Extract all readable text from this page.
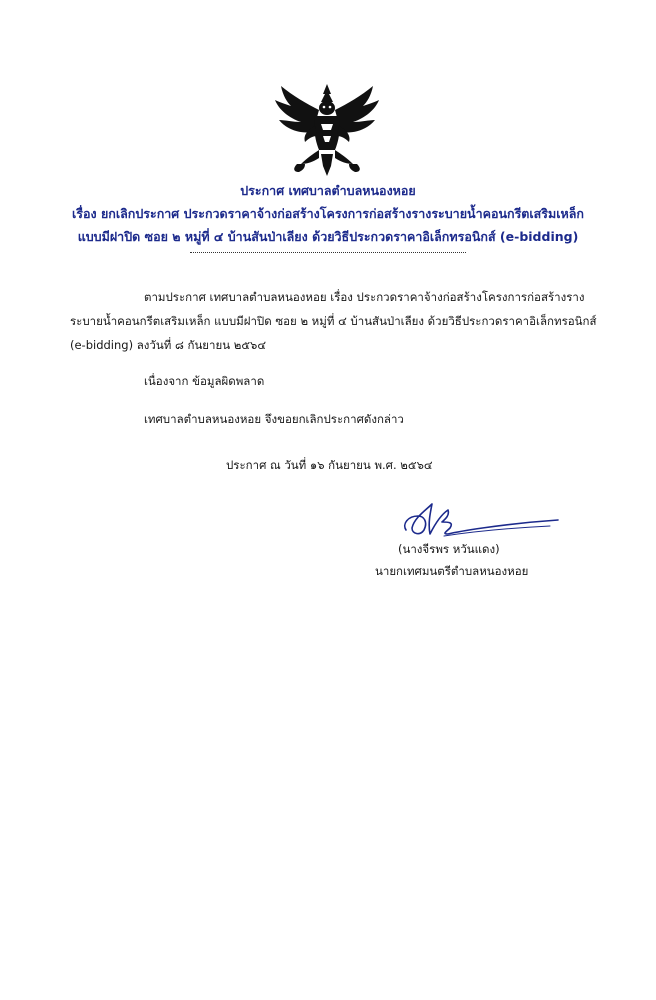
ประกาศ เทศบาลตำบลหนองหอย
เรื่อง ยกเลิกประกาศ ประกวดราคาจ้างก่อสร้างโครงการก่อสร้างรางระบายน้ำคอนกรีตเสริมเหล็ก
แบบมีฝาปิด ซอย ๒ หมู่ที่ ๔ บ้านสันป่าเลียง ด้วยวิธีประกวดราคาอิเล็กทรอนิกส์ (e-bidding)
ตามประกาศ เทศบาลตำบลหนองหอย เรื่อง ประกวดราคาจ้างก่อสร้างโครงการก่อสร้างราง
ระบายน้ำคอนกรีตเสริมเหล็ก แบบมีฝาปิด ซอย ๒ หมู่ที่ ๔ บ้านสันป่าเลียง ด้วยวิธีประกวดราคาอิเล็กทรอนิกส์
(e-bidding) ลงวันที่ ๘ กันยายน ๒๕๖๔
เนื่องจาก ข้อมูลผิดพลาด
เทศบาลตำบลหนองหอย จึงขอยกเลิกประกาศดังกล่าว
ประกาศ ณ วันที่ ๑๖ กันยายน พ.ศ. ๒๕๖๔
(นางจีรพร หวันแดง)
นายกเทศมนตรีตำบลหนองหอย
